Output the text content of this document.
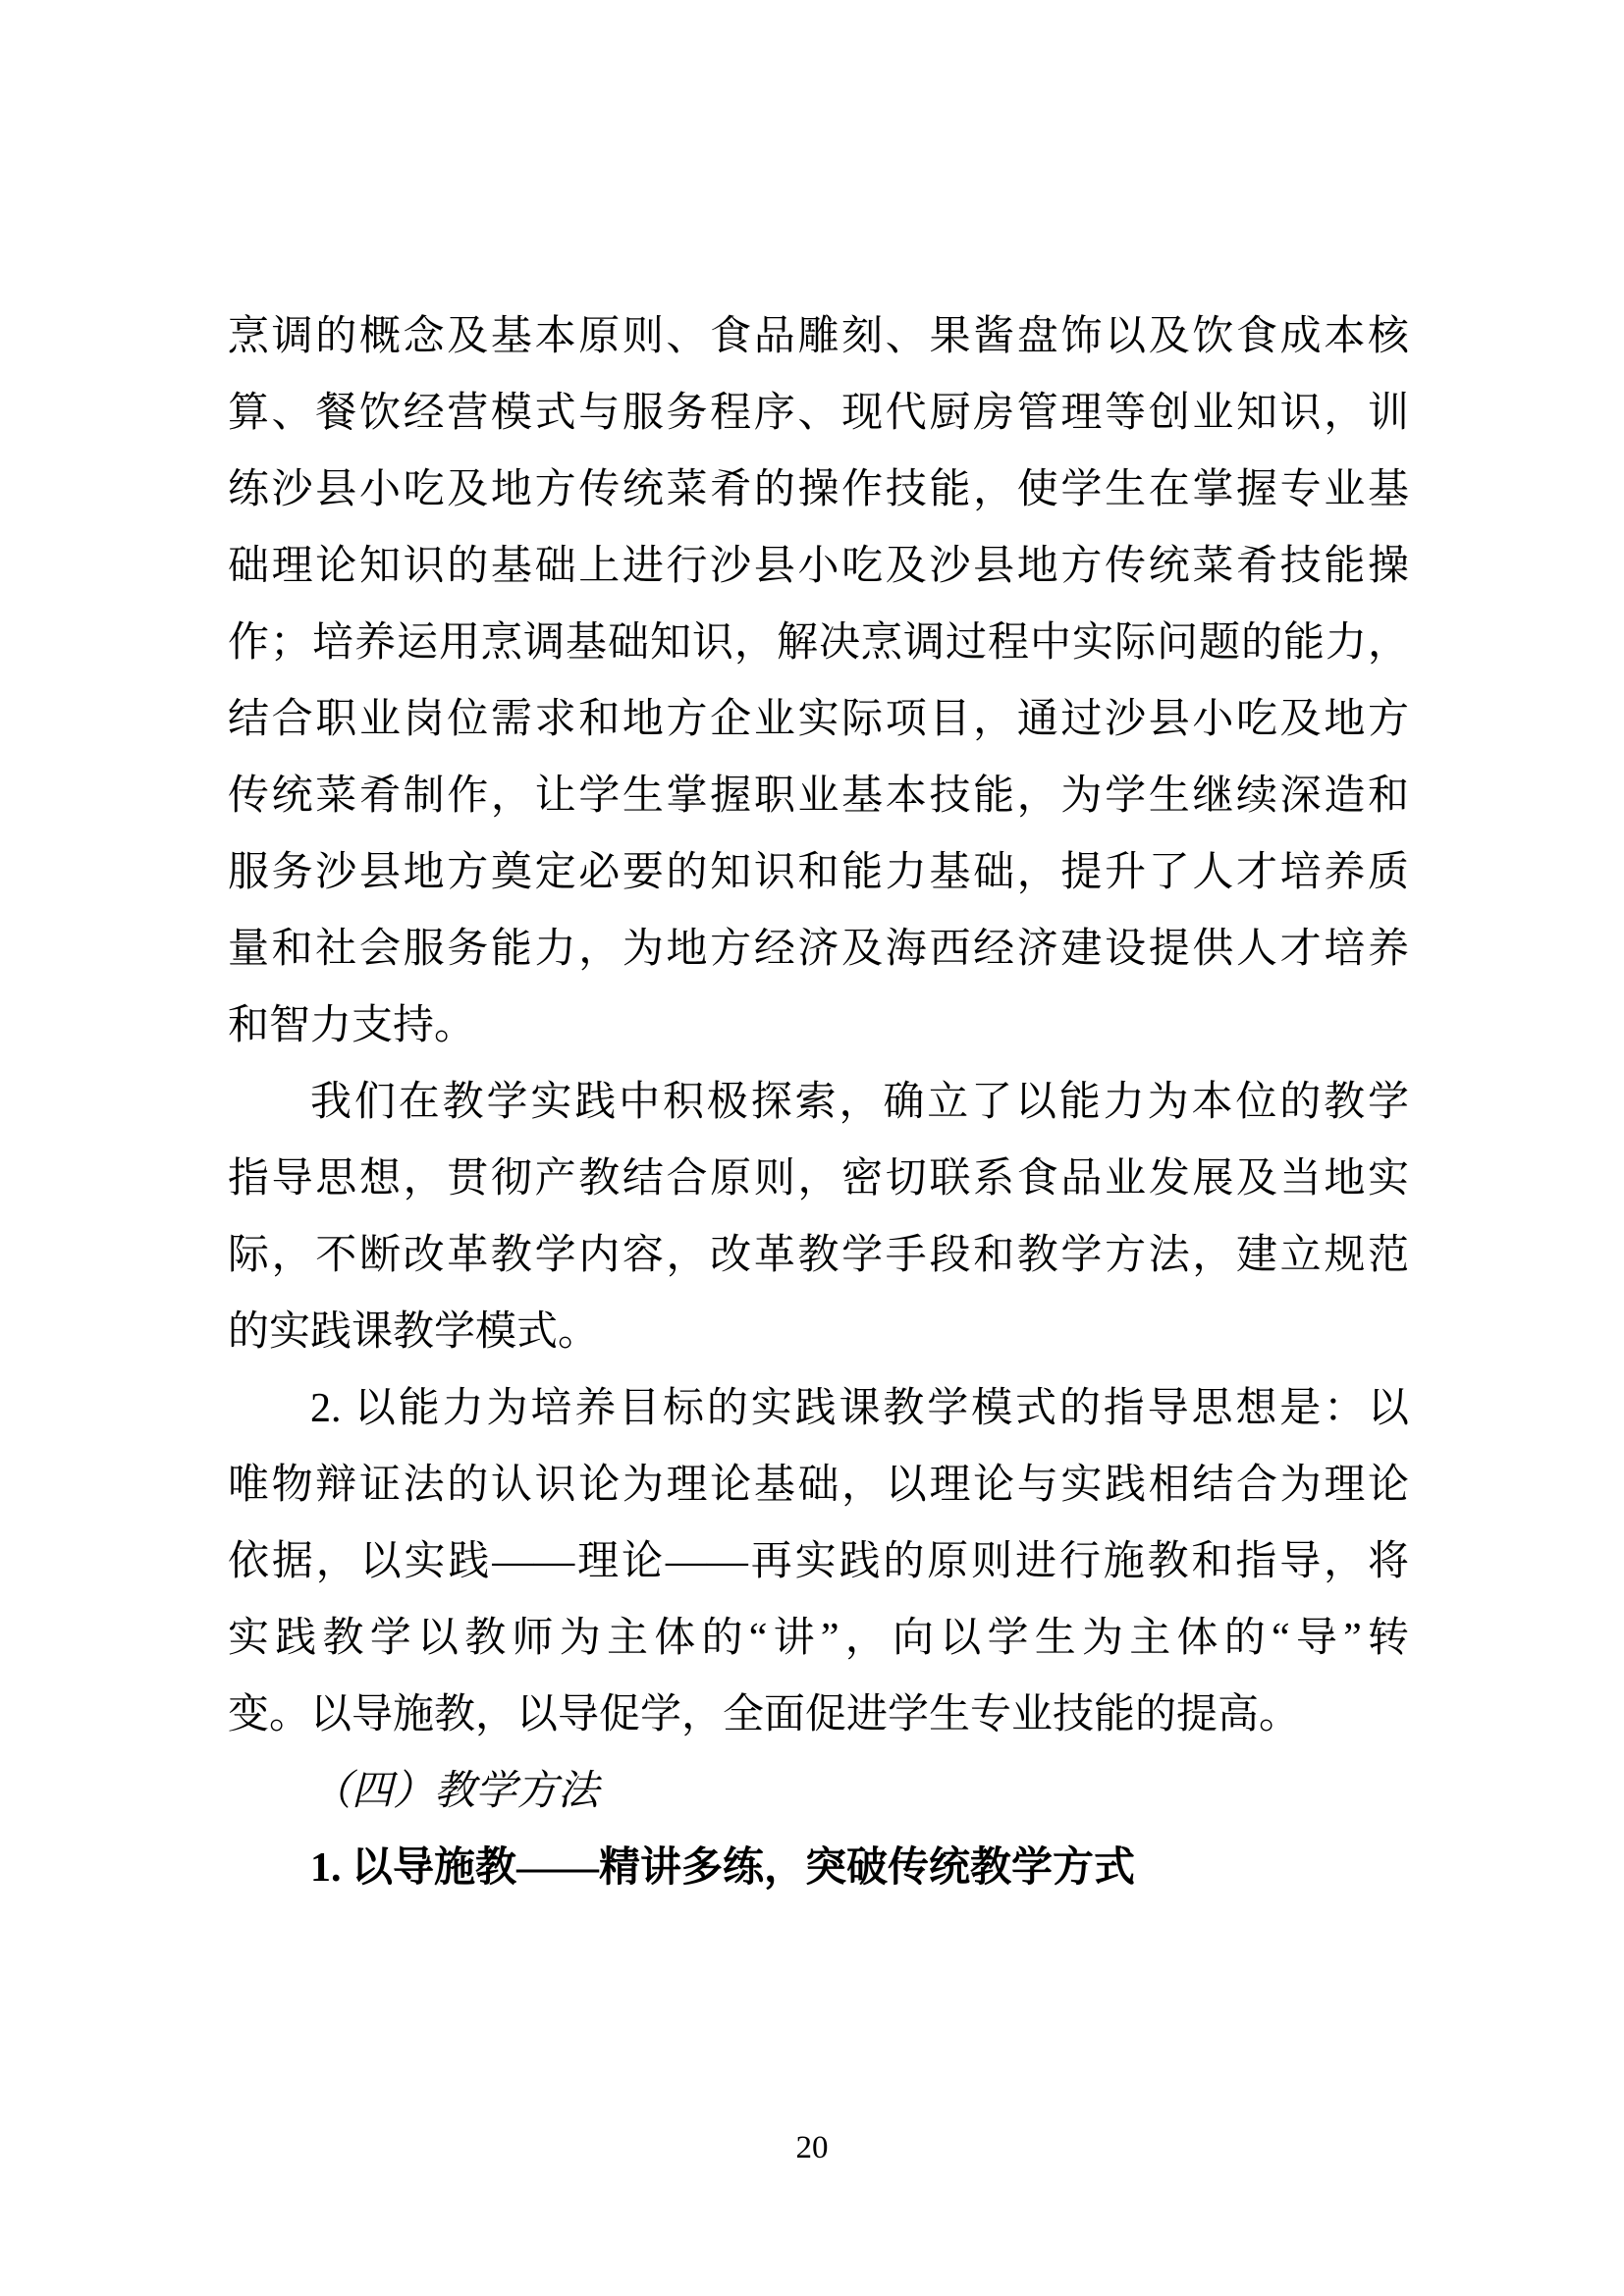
烹调的概念及基本原则、食品雕刻、果酱盘饰以及饮食成本核
算、餐饮经营模式与服务程序、现代厨房管理等创业知识，训
练沙县小吃及地方传统菜肴的操作技能，使学生在掌握专业基
础理论知识的基础上进行沙县小吃及沙县地方传统菜肴技能操
作；培养运用烹调基础知识，解决烹调过程中实际问题的能力，
结合职业岗位需求和地方企业实际项目，通过沙县小吃及地方
传统菜肴制作，让学生掌握职业基本技能，为学生继续深造和
服务沙县地方奠定必要的知识和能力基础，提升了人才培养质
量和社会服务能力，为地方经济及海西经济建设提供人才培养
和智力支持。
我们在教学实践中积极探索，确立了以能力为本位的教学
指导思想，贯彻产教结合原则，密切联系食品业发展及当地实
际，不断改革教学内容，改革教学手段和教学方法，建立规范
的实践课教学模式。
2. 以能力为培养目标的实践课教学模式的指导思想是：以
唯物辩证法的认识论为理论基础，以理论与实践相结合为理论
依据，以实践——理论——再实践的原则进行施教和指导，将
实践教学以教师为主体的“讲”，向以学生为主体的“导”转
变。以导施教，以导促学，全面促进学生专业技能的提高。
（四）教学方法
1. 以导施教——精讲多练，突破传统教学方式
20
